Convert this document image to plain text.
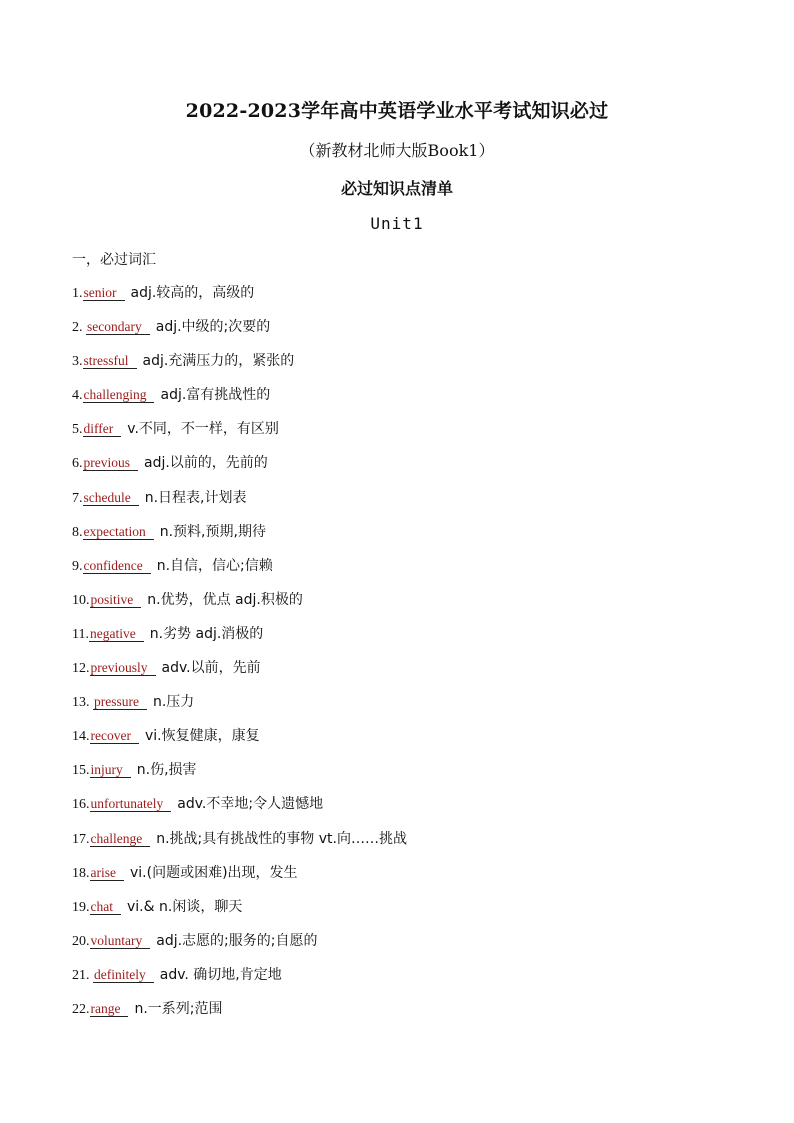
2022-2023学年高中英语学业水平考试知识必过
（新教材北师大版Book1）
必过知识点清单
Unit1
一，必过词汇
1.senior adj.较高的，高级的
2. secondary adj.中级的;次要的
3.stressful adj.充满压力的，紧张的
4.challenging adj.富有挑战性的
5.differ v.不同，不一样，有区别
6.previous adj.以前的，先前的
7.schedule n.日程表,计划表
8.expectation n.预料,预期,期待
9.confidence n.自信，信心;信赖
10.positive n.优势，优点 adj.积极的
11.negative n.劣势 adj.消极的
12.previously adv.以前，先前
13. pressure n.压力
14.recover vi.恢复健康，康复
15.injury n.伤,损害
16.unfortunately adv.不幸地;令人遗憾地
17.challenge n.挑战;具有挑战性的事物 vt.向……挑战
18.arise vi.(问题或困难)出现，发生
19.chat vi.& n.闲谈，聊天
20.voluntary adj.志愿的;服务的;自愿的
21. definitely adv. 确切地,肯定地
22.range n.一系列;范围
